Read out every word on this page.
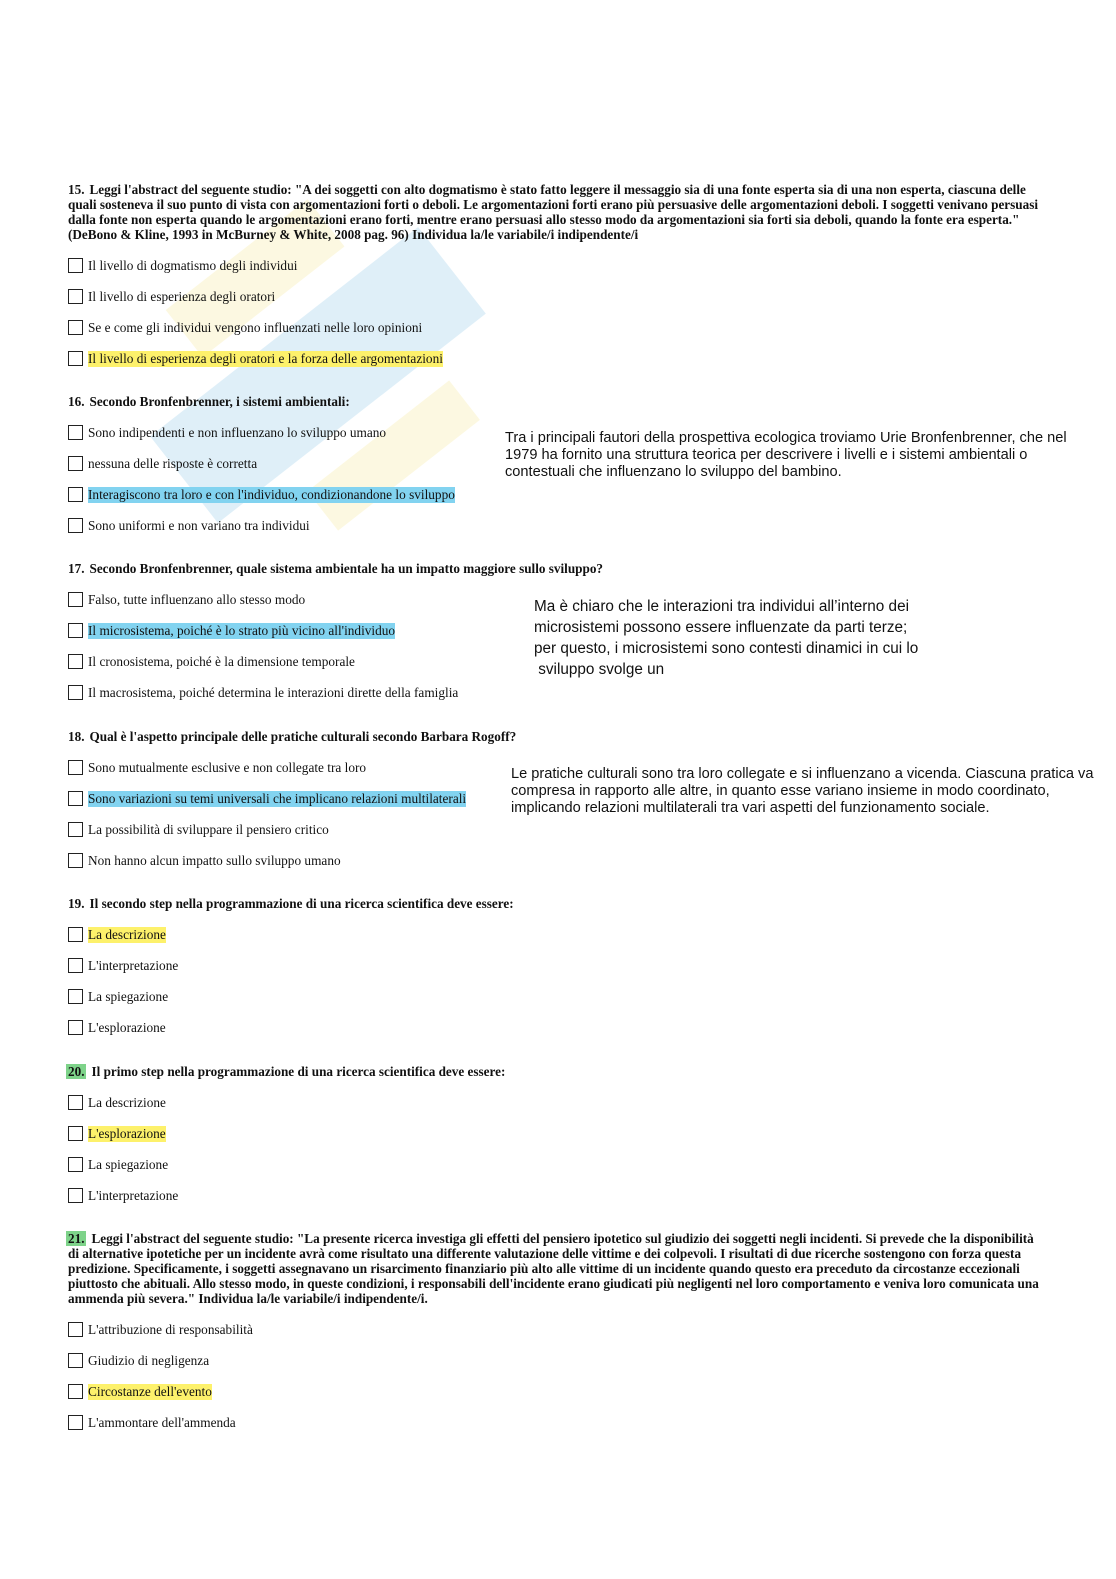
15. Leggi l'abstract del seguente studio: "A dei soggetti con alto dogmatismo è stato fatto leggere il messaggio sia di una fonte esperta sia di una non esperta, ciascuna delle quali sosteneva il suo punto di vista con argomentazioni forti o deboli. Le argomentazioni forti erano più persuasive delle argomentazioni deboli. I soggetti venivano persuasi dalla fonte non esperta quando le argomentazioni erano forti, mentre erano persuasi allo stesso modo da argomentazioni sia forti sia deboli, quando la fonte era esperta."(DeBono & Kline, 1993 in McBurney & White, 2008 pag. 96) Individua la/le variabile/i indipendente/i

Il livello di dogmatismo degli individui
Il livello di esperienza degli oratori
Se e come gli individui vengono influenzati nelle loro opinioni
Il livello di esperienza degli oratori e la forza delle argomentazioni

16. Secondo Bronfenbrenner, i sistemi ambientali:

Sono indipendenti e non influenzano lo sviluppo umano
nessuna delle risposte è corretta
Interagiscono tra loro e con l'individuo, condizionandone lo sviluppo
Sono uniformi e non variano tra individui

Tra i principali fautori della prospettiva ecologica troviamo Urie Bronfenbrenner, che nel 1979 ha fornito una struttura teorica per descrivere i livelli e i sistemi ambientali o contestuali che influenzano lo sviluppo del bambino.

17. Secondo Bronfenbrenner, quale sistema ambientale ha un impatto maggiore sullo sviluppo?

Falso, tutte influenzano allo stesso modo
Il microsistema, poiché è lo strato più vicino all'individuo
Il cronosistema, poiché è la dimensione temporale
Il macrosistema, poiché determina le interazioni dirette della famiglia

Ma è chiaro che le interazioni tra individui all’interno dei

microsistemi possono essere influenzate da parti terze;

per questo, i microsistemi sono contesti dinamici in cui lo

sviluppo svolge un

18. Qual è l'aspetto principale delle pratiche culturali secondo Barbara Rogoff?

Sono mutualmente esclusive e non collegate tra loro
Sono variazioni su temi universali che implicano relazioni multilaterali
La possibilità di sviluppare il pensiero critico
Non hanno alcun impatto sullo sviluppo umano

Le pratiche culturali sono tra loro collegate e si influenzano a vicenda. Ciascuna pratica va compresa in rapporto alle altre, in quanto esse variano insieme in modo coordinato, implicando relazioni multilaterali tra vari aspetti del funzionamento sociale.

19. Il secondo step nella programmazione di una ricerca scientifica deve essere:

La descrizione
L'interpretazione
La spiegazione
L'esplorazione

20. Il primo step nella programmazione di una ricerca scientifica deve essere:

La descrizione
L'esplorazione
La spiegazione
L'interpretazione

21. Leggi l'abstract del seguente studio: "La presente ricerca investiga gli effetti del pensiero ipotetico sul giudizio dei soggetti negli incidenti. Si prevede che la disponibilità di alternative ipotetiche per un incidente avrà come risultato una differente valutazione delle vittime e dei colpevoli. I risultati di due ricerche sostengono con forza questa predizione. Specificamente, i soggetti assegnavano un risarcimento finanziario più alto alle vittime di un incidente quando questo era preceduto da circostanze eccezionali piuttosto che abituali. Allo stesso modo, in queste condizioni, i responsabili dell'incidente erano giudicati più negligenti nel loro comportamento e veniva loro comunicata una ammenda più severa." Individua la/le variabile/i indipendente/i.

L'attribuzione di responsabilità
Giudizio di negligenza
Circostanze dell'evento
L'ammontare dell'ammenda
